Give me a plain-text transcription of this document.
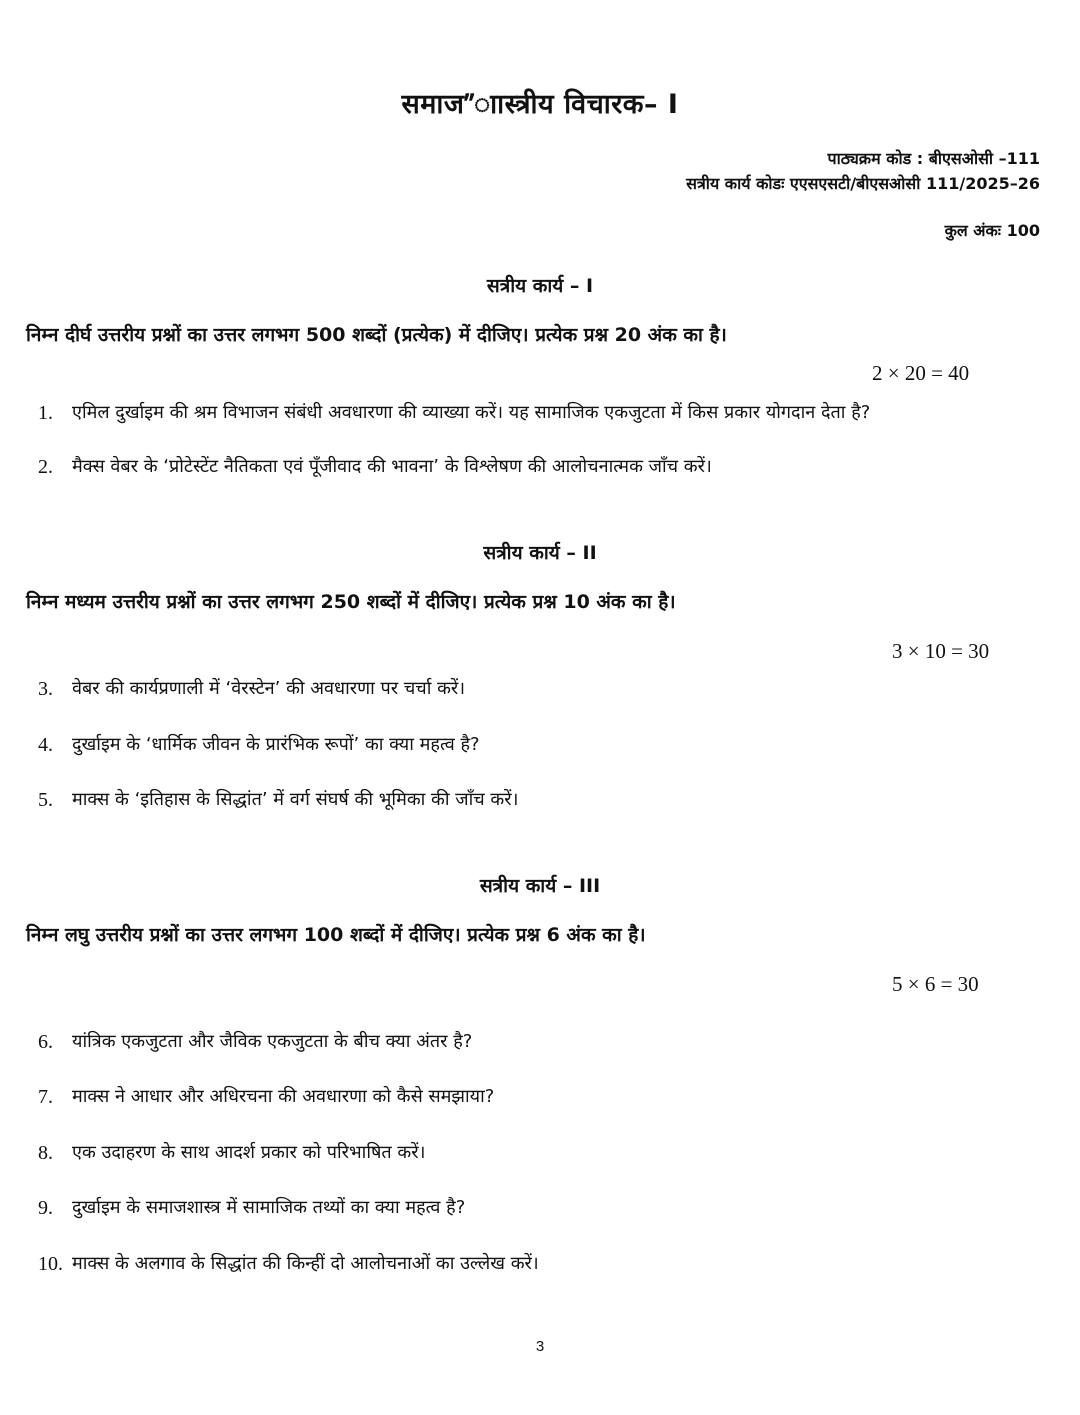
समाज”ाास्त्रीय विचारक– I
पाठ्यक्रम कोड : बीएसओसी –111
सत्रीय कार्य कोडः एएसएसटी/बीएसओसी 111/2025–26
कुल अंकः 100
सत्रीय कार्य – I
निम्न दीर्घ उत्तरीय प्रश्नों का उत्तर लगभग 500 शब्दों (प्रत्येक) में दीजिए। प्रत्येक प्रश्न 20 अंक का है।
2 × 20 = 40
1. एमिल दुर्खाइम की श्रम विभाजन संबंधी अवधारणा की व्याख्या करें। यह सामाजिक एकजुटता में किस प्रकार योगदान देता है?
2. मैक्स वेबर के ‘प्रोटेस्टेंट नैतिकता एवं पूँजीवाद की भावना’ के विश्लेषण की आलोचनात्मक जाँच करें।
सत्रीय कार्य – II
निम्न मध्यम उत्तरीय प्रश्नों का उत्तर लगभग 250 शब्दों में दीजिए। प्रत्येक प्रश्न 10 अंक का है।
3 × 10 = 30
3. वेबर की कार्यप्रणाली में ‘वेरस्टेन’ की अवधारणा पर चर्चा करें।
4. दुर्खाइम के ‘धार्मिक जीवन के प्रारंभिक रूपों’ का क्या महत्व है?
5. माक्स के ‘इतिहास के सिद्धांत’ में वर्ग संघर्ष की भूमिका की जाँच करें।
सत्रीय कार्य – III
निम्न लघु उत्तरीय प्रश्नों का उत्तर लगभग 100 शब्दों में दीजिए। प्रत्येक प्रश्न 6 अंक का है।
5 × 6 = 30
6. यांत्रिक एकजुटता और जैविक एकजुटता के बीच क्या अंतर है?
7. माक्स ने आधार और अधिरचना की अवधारणा को कैसे समझाया?
8. एक उदाहरण के साथ आदर्श प्रकार को परिभाषित करें।
9. दुर्खाइम के समाजशास्त्र में सामाजिक तथ्यों का क्या महत्व है?
10. माक्स के अलगाव के सिद्धांत की किन्हीं दो आलोचनाओं का उल्लेख करें।
3
